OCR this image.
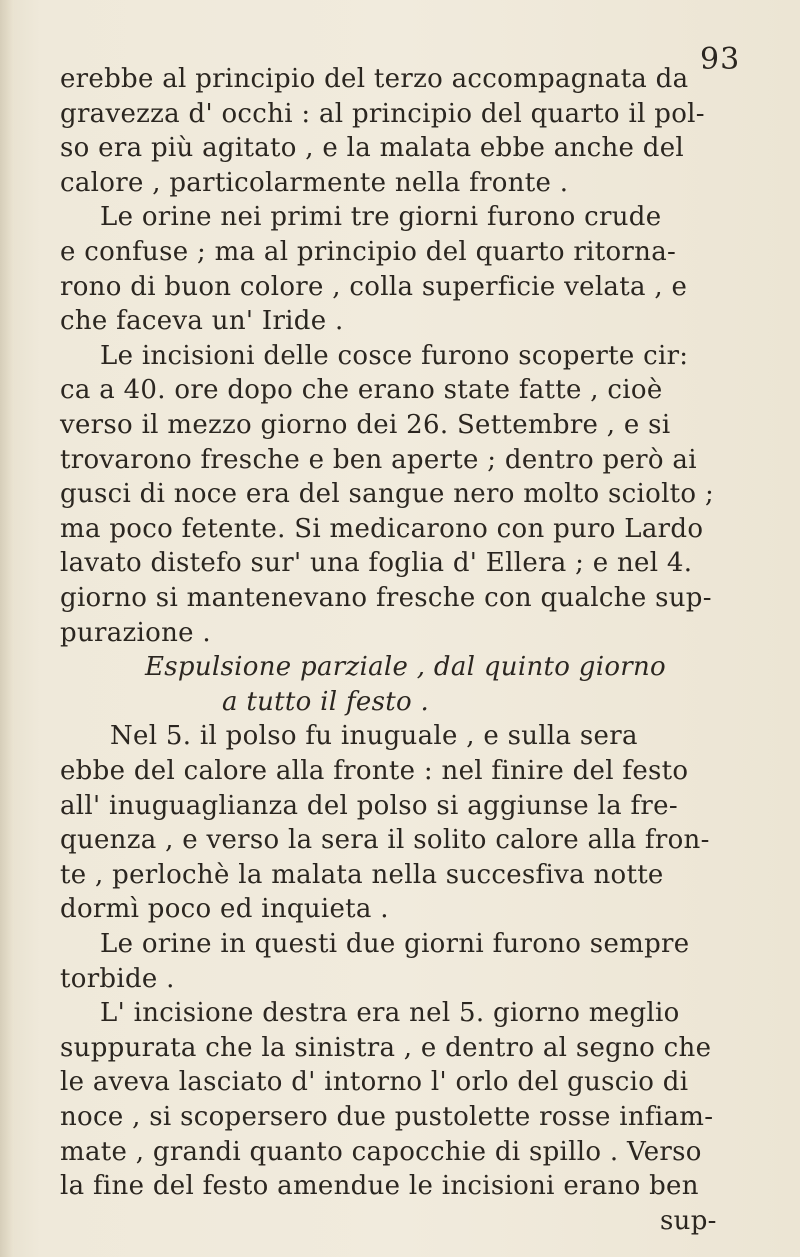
93
erebbe al principio del terzo accompagnata da
gravezza d' occhi : al principio del quarto il pol-
so era più agitato , e la malata ebbe anche del
calore , particolarmente nella fronte .
Le orine nei primi tre giorni furono crude
e confuse ; ma al principio del quarto ritorna-
rono di buon colore , colla superficie velata , e
che faceva un' Iride .
Le incisioni delle cosce furono scoperte cir:
ca a 40. ore dopo che erano state fatte , cioè
verso il mezzo giorno dei 26. Settembre , e si
trovarono fresche e ben aperte ; dentro però ai
gusci di noce era del sangue nero molto sciolto ;
ma poco fetente. Si medicarono con puro Lardo
lavato distefo sur' una foglia d' Ellera ; e nel 4.
giorno si mantenevano fresche con qualche sup-
purazione .
Espulsione parziale , dal quinto giorno
a tutto il festo .
Nel 5. il polso fu inuguale , e sulla sera
ebbe del calore alla fronte : nel finire del festo
all' inuguaglianza del polso si aggiunse la fre-
quenza , e verso la sera il solito calore alla fron-
te , perlochè la malata nella succesfiva notte
dormì poco ed inquieta .
Le orine in questi due giorni furono sempre
torbide .
L' incisione destra era nel 5. giorno meglio
suppurata che la sinistra , e dentro al segno che
le aveva lasciato d' intorno l' orlo del guscio di
noce , si scopersero due pustolette rosse infiam-
mate , grandi quanto capocchie di spillo . Verso
la fine del festo amendue le incisioni erano ben
sup-
